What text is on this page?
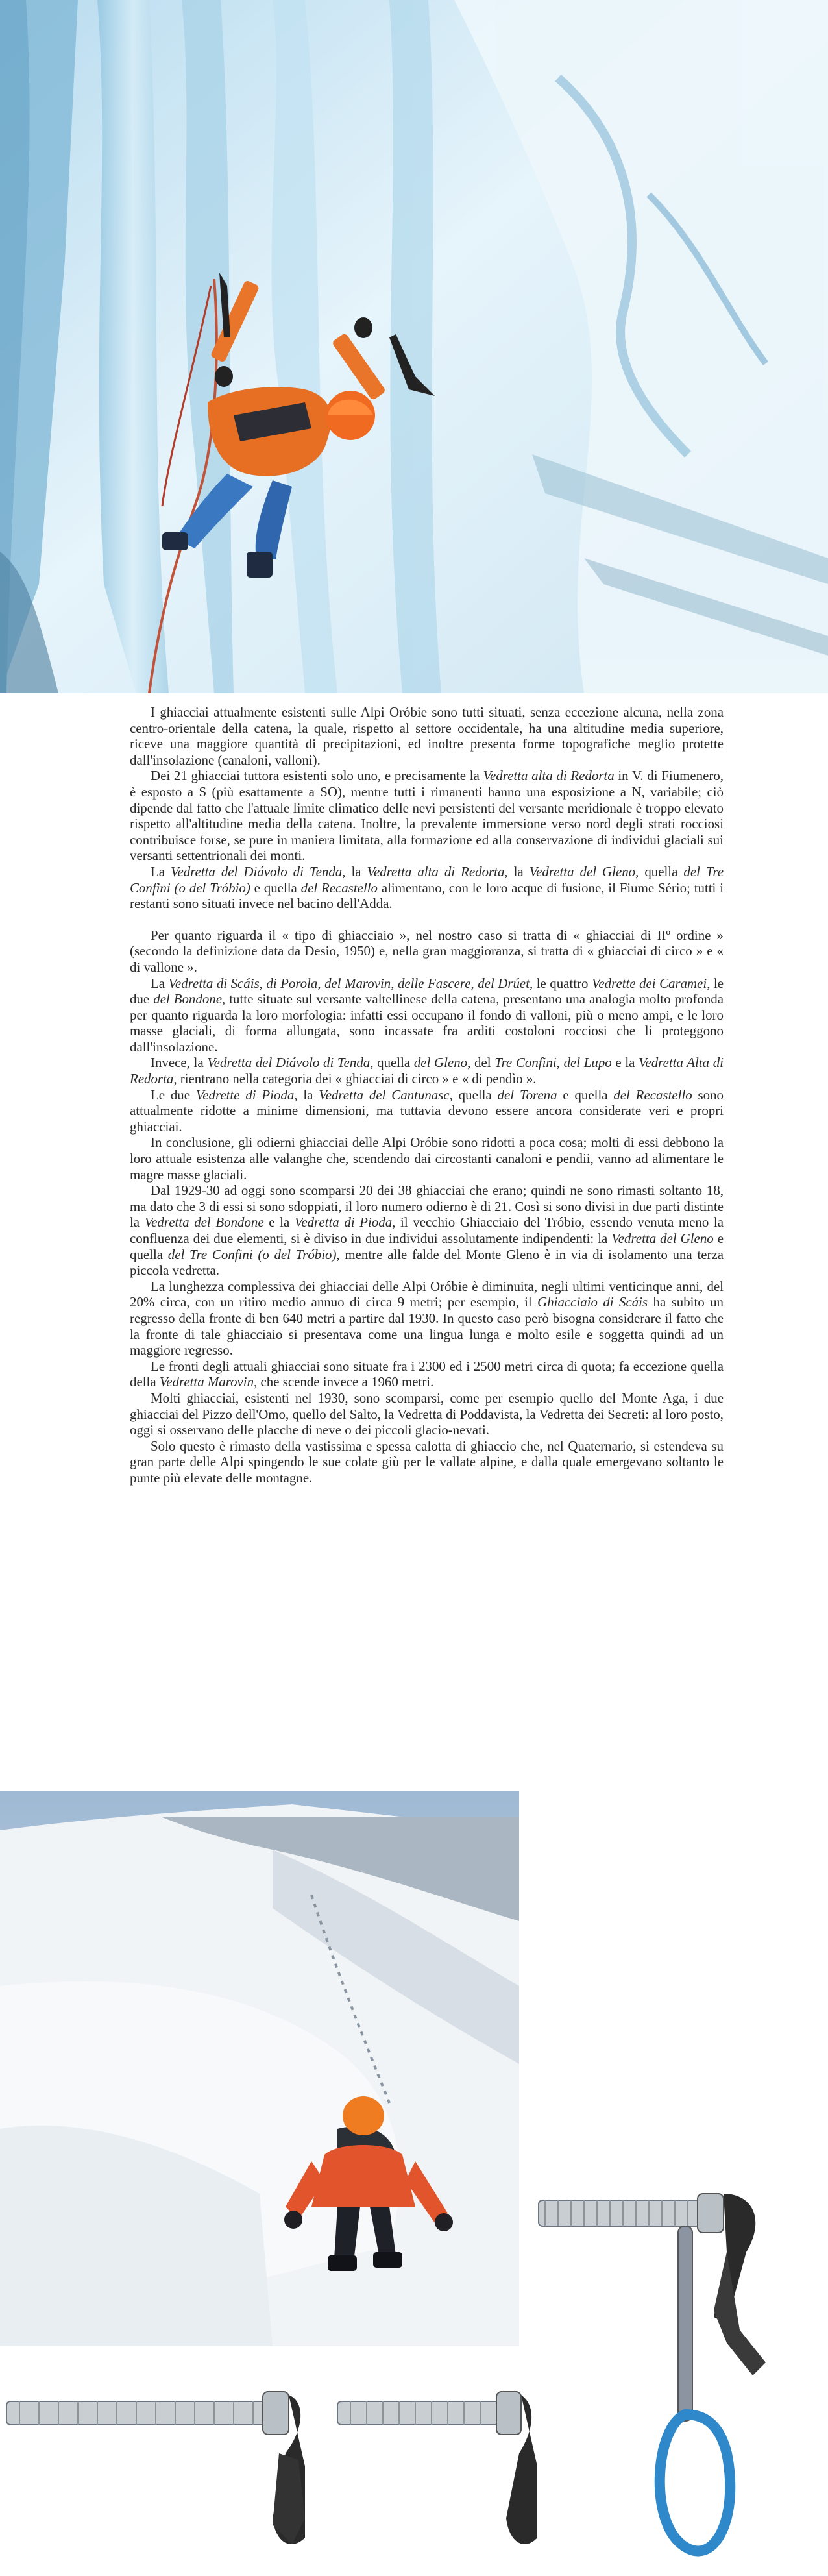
I ghiacciai attualmente esistenti sulle Alpi Oróbie sono tutti situati, senza eccezione alcuna, nella zona centro-orientale della catena, la quale, rispetto al settore occidentale, ha una altitudine media superiore, riceve una maggiore quantità di precipitazioni, ed inoltre presenta forme topografiche meglio protette dall'insolazione (canaloni, valloni).

Dei 21 ghiacciai tuttora esistenti solo uno, e precisamente la Vedretta alta di Redorta in V. di Fiumenero, è esposto a S (più esattamente a SO), mentre tutti i rimanenti hanno una esposizione a N, variabile; ciò dipende dal fatto che l'attuale limite climatico delle nevi persistenti del versante meridionale è troppo elevato rispetto all'altitudine media della catena. Inoltre, la prevalente immersione verso nord degli strati rocciosi contribuisce forse, se pure in maniera limitata, alla formazione ed alla conservazione di individui glaciali sui versanti settentrionali dei monti.

La Vedretta del Diávolo di Tenda, la Vedretta alta di Redorta, la Vedretta del Gleno, quella del Tre Confini (o del Tróbio) e quella del Recastello alimentano, con le loro acque di fusione, il Fiume Sério; tutti i restanti sono situati invece nel bacino dell'Adda.

Per quanto riguarda il « tipo di ghiacciaio », nel nostro caso si tratta di « ghiacciai di IIº ordine » (secondo la definizione data da Desio, 1950) e, nella gran maggioranza, si tratta di « ghiacciai di circo » e « di vallone ».

La Vedretta di Scáis, di Porola, del Marovin, delle Fascere, del Drúet, le quattro Vedrette dei Caramei, le due del Bondone, tutte situate sul versante valtellinese della catena, presentano una analogia molto profonda per quanto riguarda la loro morfologia: infatti essi occupano il fondo di valloni, più o meno ampi, e le loro masse glaciali, di forma allungata, sono incassate fra arditi costoloni rocciosi che li proteggono dall'insolazione.

Invece, la Vedretta del Diávolo di Tenda, quella del Gleno, del Tre Confini, del Lupo e la Vedretta Alta di Redorta, rientrano nella categoria dei « ghiacciai di circo » e « di pendìo ».

Le due Vedrette di Pioda, la Vedretta del Cantunasc, quella del Torena e quella del Recastello sono attualmente ridotte a minime dimensioni, ma tuttavia devono essere ancora considerate veri e propri ghiacciai.

In conclusione, gli odierni ghiacciai delle Alpi Oróbie sono ridotti a poca cosa; molti di essi debbono la loro attuale esistenza alle valanghe che, scendendo dai circostanti canaloni e pendii, vanno ad alimentare le magre masse glaciali.

Dal 1929-30 ad oggi sono scomparsi 20 dei 38 ghiacciai che erano; quindi ne sono rimasti soltanto 18, ma dato che 3 di essi si sono sdoppiati, il loro numero odierno è di 21. Così si sono divisi in due parti distinte la Vedretta del Bondone e la Vedretta di Pioda, il vecchio Ghiacciaio del Tróbio, essendo venuta meno la confluenza dei due elementi, si è diviso in due individui assolutamente indipendenti: la Vedretta del Gleno e quella del Tre Confini (o del Tróbio), mentre alle falde del Monte Gleno è in via di isolamento una terza piccola vedretta.

La lunghezza complessiva dei ghiacciai delle Alpi Oróbie è diminuita, negli ultimi venticinque anni, del 20% circa, con un ritiro medio annuo di circa 9 metri; per esempio, il Ghiacciaio di Scáis ha subito un regresso della fronte di ben 640 metri a partire dal 1930. In questo caso però bisogna considerare il fatto che la fronte di tale ghiacciaio si presentava come una lingua lunga e molto esile e soggetta quindi ad un maggiore regresso.

Le fronti degli attuali ghiacciai sono situate fra i 2300 ed i 2500 metri circa di quota; fa eccezione quella della Vedretta Marovin, che scende invece a 1960 metri.

Molti ghiacciai, esistenti nel 1930, sono scomparsi, come per esempio quello del Monte Aga, i due ghiacciai del Pizzo dell'Omo, quello del Salto, la Vedretta di Poddavista, la Vedretta dei Secreti: al loro posto, oggi si osservano delle placche di neve o dei piccoli glacio-nevati.

Solo questo è rimasto della vastissima e spessa calotta di ghiaccio che, nel Quaternario, si estendeva su gran parte delle Alpi spingendo le sue colate giù per le vallate alpine, e dalla quale emergevano soltanto le punte più elevate delle montagne.
